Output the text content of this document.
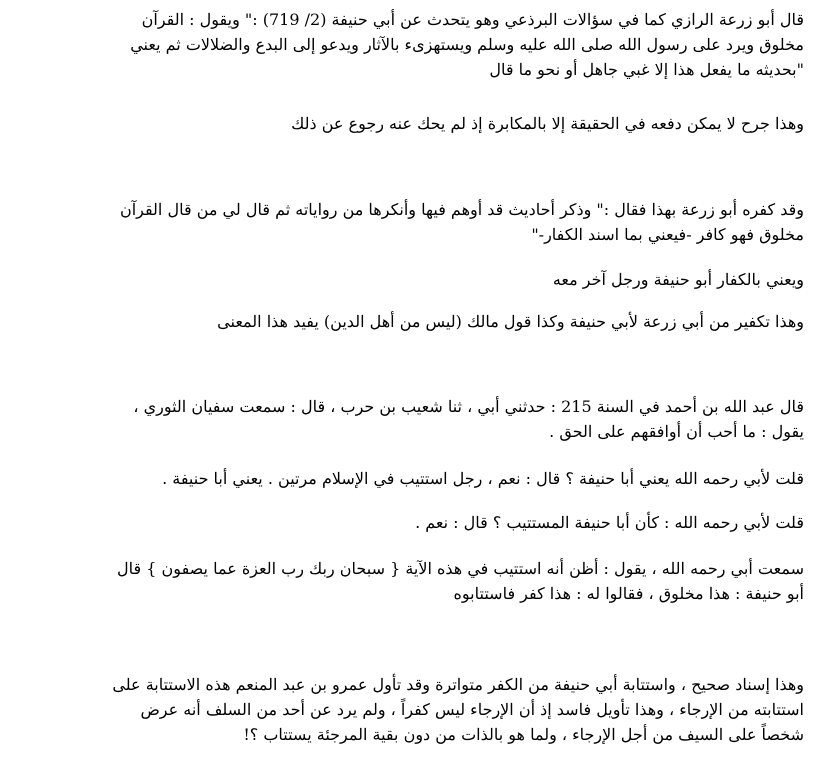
قال أبو زرعة الرازي كما في سؤالات البرذعي وهو يتحدث عن أبي حنيفة (2/ 719) :" ويقول : القرآن
مخلوق ويرد على رسول الله صلى الله عليه وسلم ويستهزىء بالآثار ويدعو إلى البدع والضلالات ثم يعني
"بحديثه ما يفعل هذا إلا غبي جاهل أو نحو ما قال
وهذا جرح لا يمكن دفعه في الحقيقة إلا بالمكابرة إذ لم يحك عنه رجوع عن ذلك
وقد كفره أبو زرعة بهذا فقال :" وذكر أحاديث قد أوهم فيها وأنكرها من رواياته ثم قال لي من قال القرآن
مخلوق فهو كافر -فيعني بما اسند الكفار-"
ويعني بالكفار أبو حنيفة ورجل آخر معه
وهذا تكفير من أبي زرعة لأبي حنيفة وكذا قول مالك (ليس من أهل الدين) يفيد هذا المعنى
قال عبد الله بن أحمد في السنة 215 : حدثني أبي ، ثنا شعيب بن حرب ، قال : سمعت سفيان الثوري ،
يقول : ما أحب أن أوافقهم على الحق .
قلت لأبي رحمه الله يعني أبا حنيفة ؟ قال : نعم ، رجل استتيب في الإسلام مرتين . يعني أبا حنيفة .
قلت لأبي رحمه الله : كأن أبا حنيفة المستتيب ؟ قال : نعم .
سمعت أبي رحمه الله ، يقول : أظن أنه استتيب في هذه الآية { سبحان ربك رب العزة عما يصفون } قال
أبو حنيفة : هذا مخلوق ، فقالوا له : هذا كفر فاستتابوه
وهذا إسناد صحيح ، واستتابة أبي حنيفة من الكفر متواترة وقد تأول عمرو بن عبد المنعم هذه الاستتابة على
استتابته من الإرجاء ، وهذا تأويل فاسد إذ أن الإرجاء ليس كفراً ، ولم يرد عن أحد من السلف أنه عرض
شخصاً على السيف من أجل الإرجاء ، ولما هو بالذات من دون بقية المرجئة يستتاب ؟!
